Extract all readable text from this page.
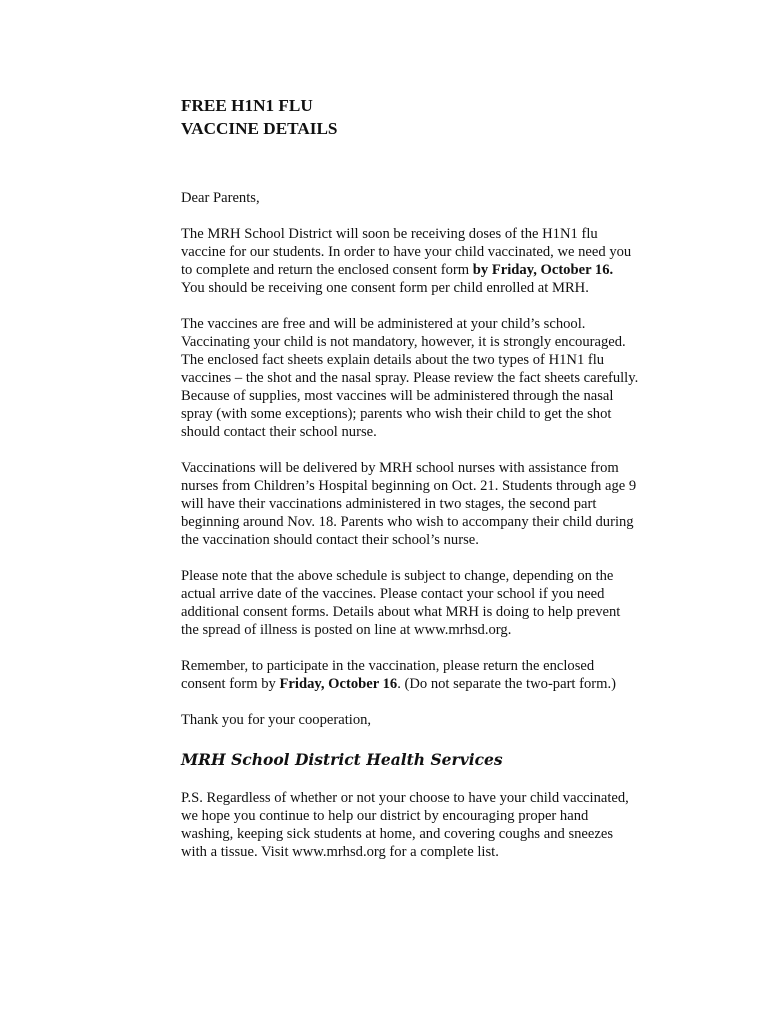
FREE H1N1 FLU
VACCINE DETAILS

Dear Parents,

The MRH School District will soon be receiving doses of the H1N1 flu
vaccine for our students. In order to have your child vaccinated, we need you
to complete and return the enclosed consent form by Friday, October 16.
You should be receiving one consent form per child enrolled at MRH.

The vaccines are free and will be administered at your child’s school.
Vaccinating your child is not mandatory, however, it is strongly encouraged.
The enclosed fact sheets explain details about the two types of H1N1 flu
vaccines – the shot and the nasal spray. Please review the fact sheets carefully.
Because of supplies, most vaccines will be administered through the nasal
spray (with some exceptions); parents who wish their child to get the shot
should contact their school nurse.

Vaccinations will be delivered by MRH school nurses with assistance from
nurses from Children’s Hospital beginning on Oct. 21. Students through age 9
will have their vaccinations administered in two stages, the second part
beginning around Nov. 18. Parents who wish to accompany their child during
the vaccination should contact their school’s nurse.

Please note that the above schedule is subject to change, depending on the
actual arrive date of the vaccines. Please contact your school if you need
additional consent forms. Details about what MRH is doing to help prevent
the spread of illness is posted on line at www.mrhsd.org.

Remember, to participate in the vaccination, please return the enclosed
consent form by Friday, October 16. (Do not separate the two-part form.)

Thank you for your cooperation,

MRH School District Health Services

P.S. Regardless of whether or not your choose to have your child vaccinated,
we hope you continue to help our district by encouraging proper hand
washing, keeping sick students at home, and covering coughs and sneezes
with a tissue. Visit www.mrhsd.org for a complete list.
